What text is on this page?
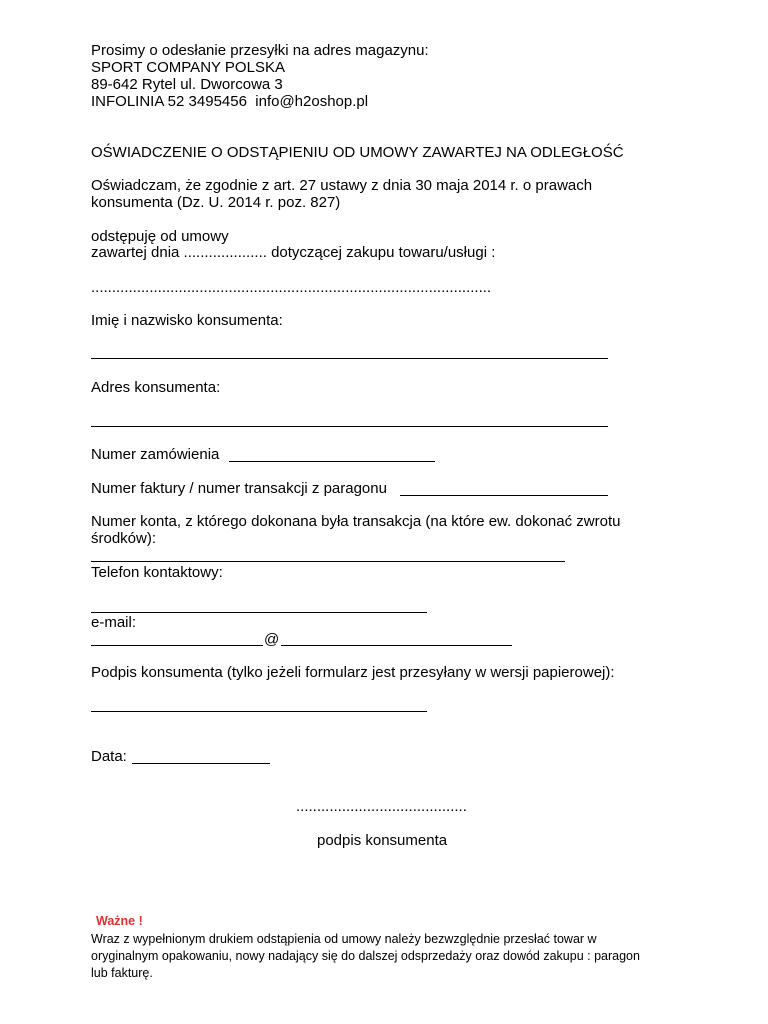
Prosimy o odesłanie przesyłki na adres magazynu:
SPORT COMPANY POLSKA
89-642 Rytel ul. Dworcowa 3
INFOLINIA 52 3495456  info@h2oshop.pl
OŚWIADCZENIE O ODSTĄPIENIU OD UMOWY ZAWARTEJ NA ODLEGŁOŚĆ
Oświadczam, że zgodnie z art. 27 ustawy z dnia 30 maja 2014 r. o prawach
konsumenta (Dz. U. 2014 r. poz. 827)
odstępuję od umowy
zawartej dnia .................... dotyczącej zakupu towaru/usługi :
................................................................................................
Imię i nazwisko konsumenta:
Adres konsumenta:
Numer zamówienia
Numer faktury / numer transakcji z paragonu
Numer konta, z którego dokonana była transakcja (na które ew. dokonać zwrotu
środków):
Telefon kontaktowy:
e-mail:
@
Podpis konsumenta (tylko jeżeli formularz jest przesyłany w wersji papierowej):
Data:
.........................................
podpis konsumenta
Ważne !
Wraz z wypełnionym drukiem odstąpienia od umowy należy bezwzględnie przesłać towar w
oryginalnym opakowaniu, nowy nadający się do dalszej odsprzedaży oraz dowód zakupu : paragon
lub fakturę.
